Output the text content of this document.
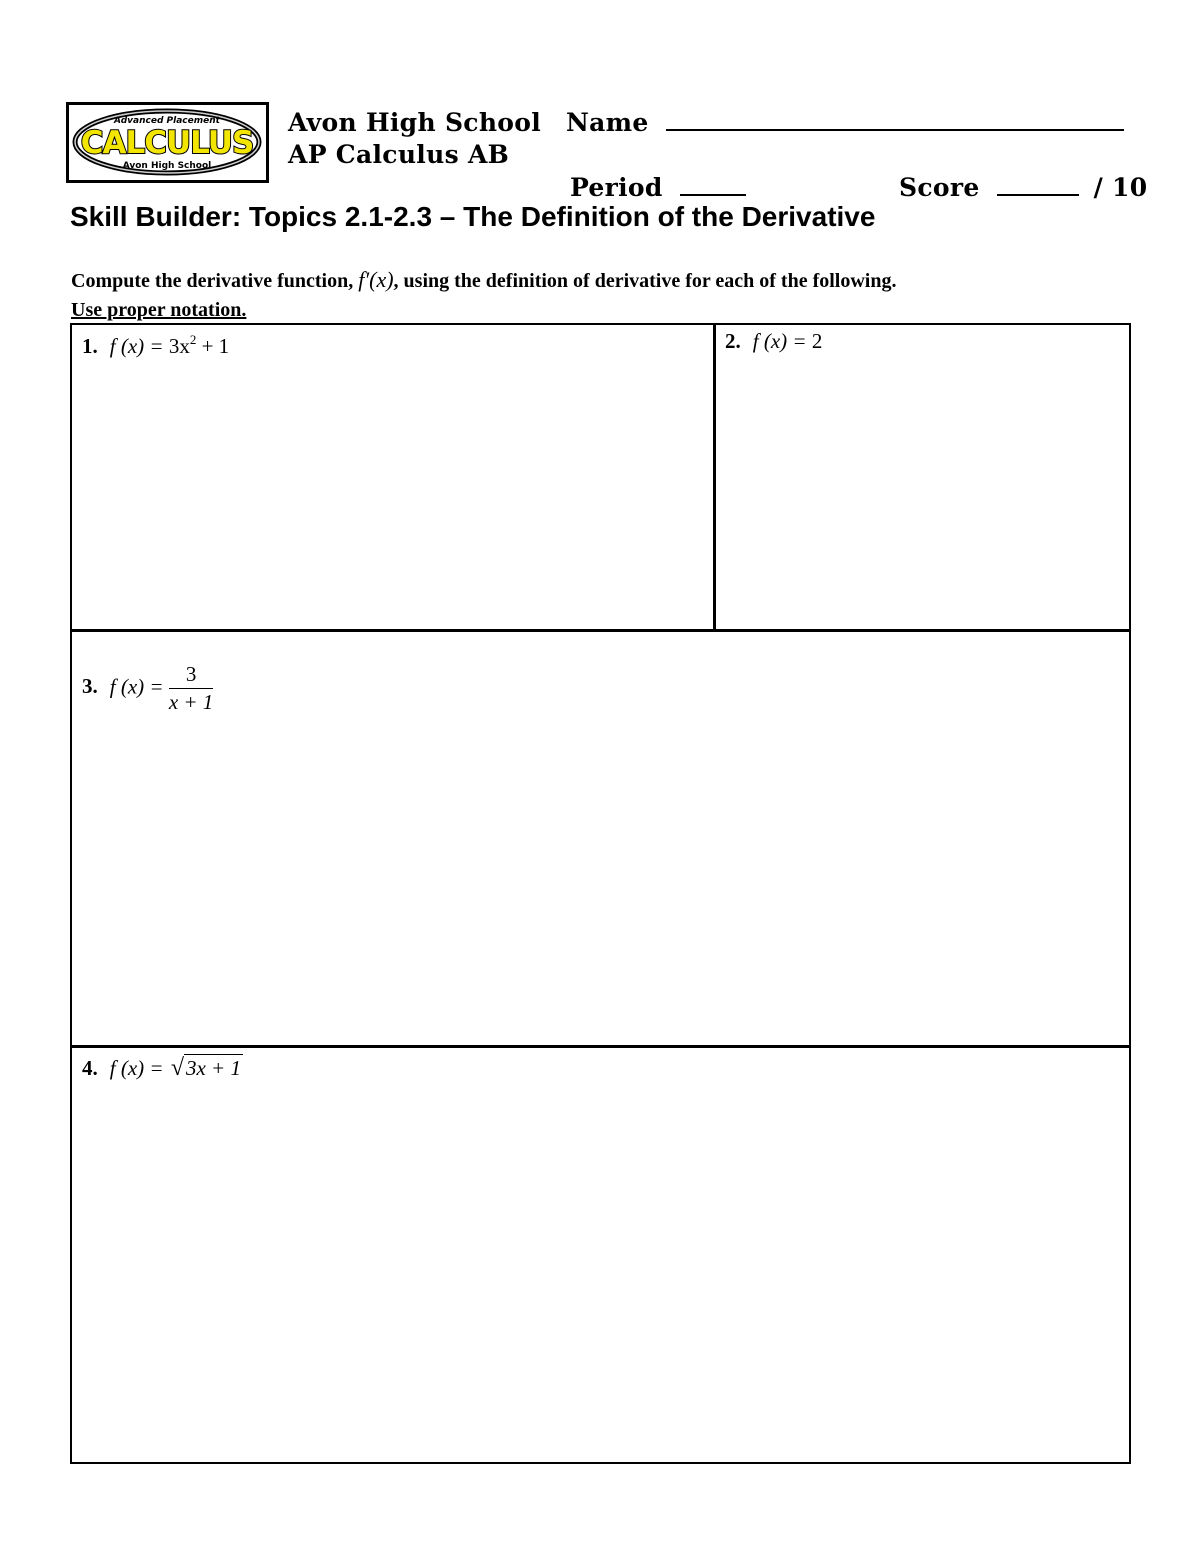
Advanced Placement
CALCULUS
Avon High School
Avon High School
AP Calculus AB
Name
Period	Score	/ 10
Skill Builder: Topics 2.1-2.3 – The Definition of the Derivative
Compute the derivative function, f′(x), using the definition of derivative for each of the following.
Use proper notation.
1. f $(x) = 3x^2 + 1$	2. f (x) = 2
3. f $(x) = \frac{3}{x + 1}$
4. f (x) = √3x + 1
